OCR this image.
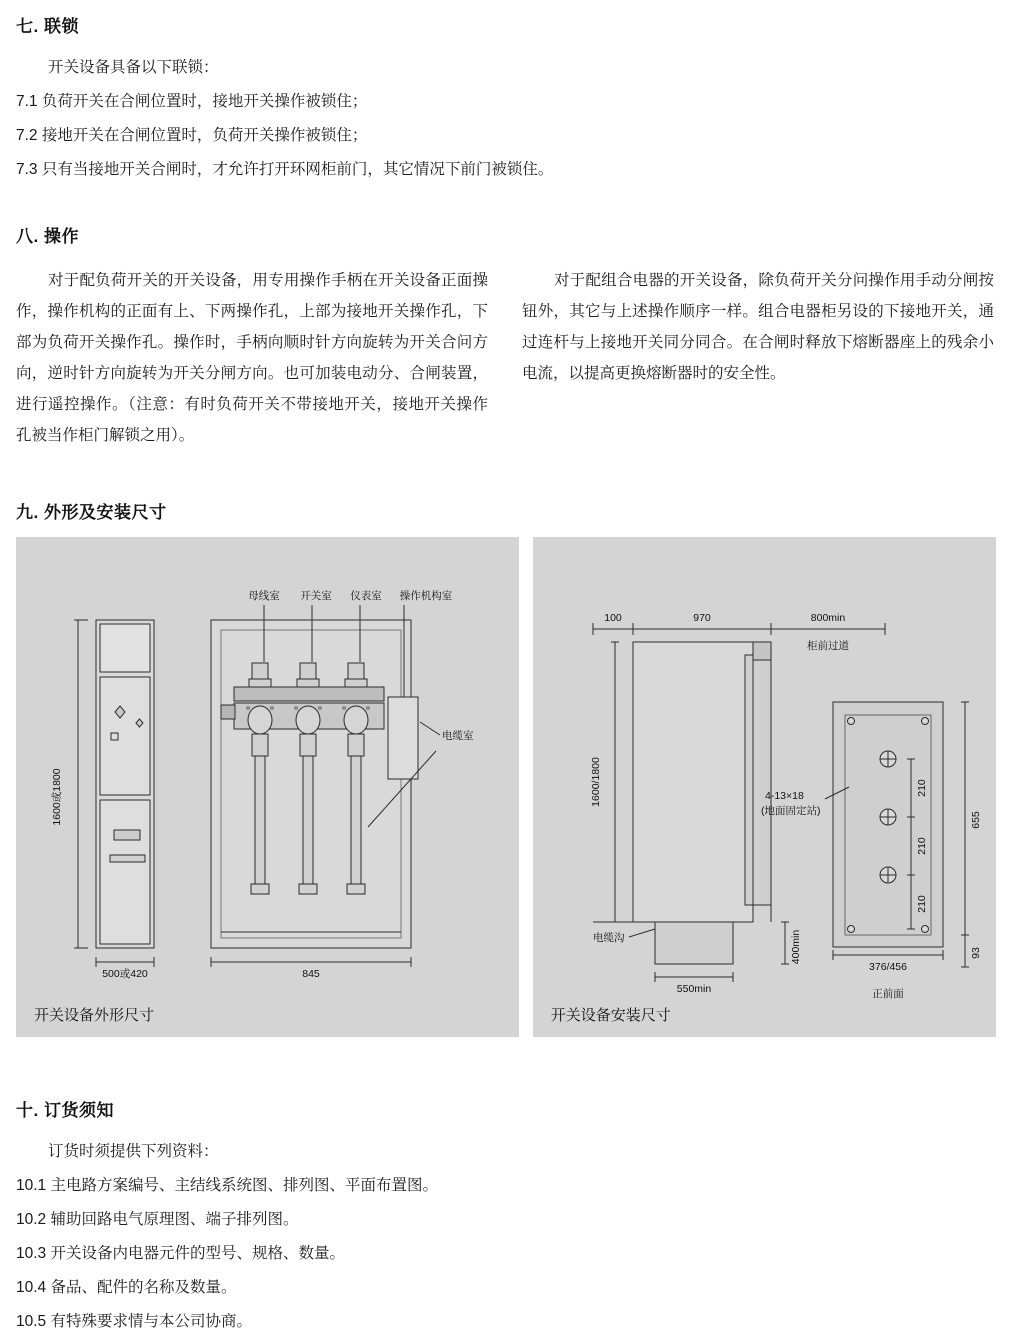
七. 联锁

开关设备具备以下联锁：

7.1 负荷开关在合闸位置时，接地开关操作被锁住；

7.2 接地开关在合闸位置时，负荷开关操作被锁住；

7.3 只有当接地开关合闸时，才允许打开环网柜前门，其它情况下前门被锁住。

八. 操作

对于配负荷开关的开关设备，用专用操作手柄在开关设备正面操作，操作机构的正面有上、下两操作孔，上部为接地开关操作孔，下部为负荷开关操作孔。操作时，手柄向顺时针方向旋转为开关合问方向，逆时针方向旋转为开关分闸方向。也可加装电动分、合闸装置，进行遥控操作。（注意：有时负荷开关不带接地开关，接地开关操作孔被当作柜门解锁之用）。

对于配组合电器的开关设备，除负荷开关分问操作用手动分闸按钮外，其它与上述操作顺序一样。组合电器柜另设的下接地开关，通过连杆与上接地开关同分同合。在合闸时释放下熔断器座上的残余小电流，以提高更换熔断器时的安全性。

九. 外形及安装尺寸
1600或1800
500或420	845
母线室 开关室 仪表室 操作机构室
电缆室
开关设备外形尺寸
100	970	800min
柜前过道
1600/1800
电缆沟
550min
400min
4-13×18
(地面固定站)
210
210
210
655
93
376/456
正前面
开关设备安装尺寸
十. 订货须知

订货时须提供下列资料：

10.1 主电路方案编号、主结线系统图、排列图、平面布置图。

10.2 辅助回路电气原理图、端子排列图。

10.3 开关设备内电器元件的型号、规格、数量。

10.4 备品、配件的名称及数量。

10.5 有特殊要求情与本公司协商。
